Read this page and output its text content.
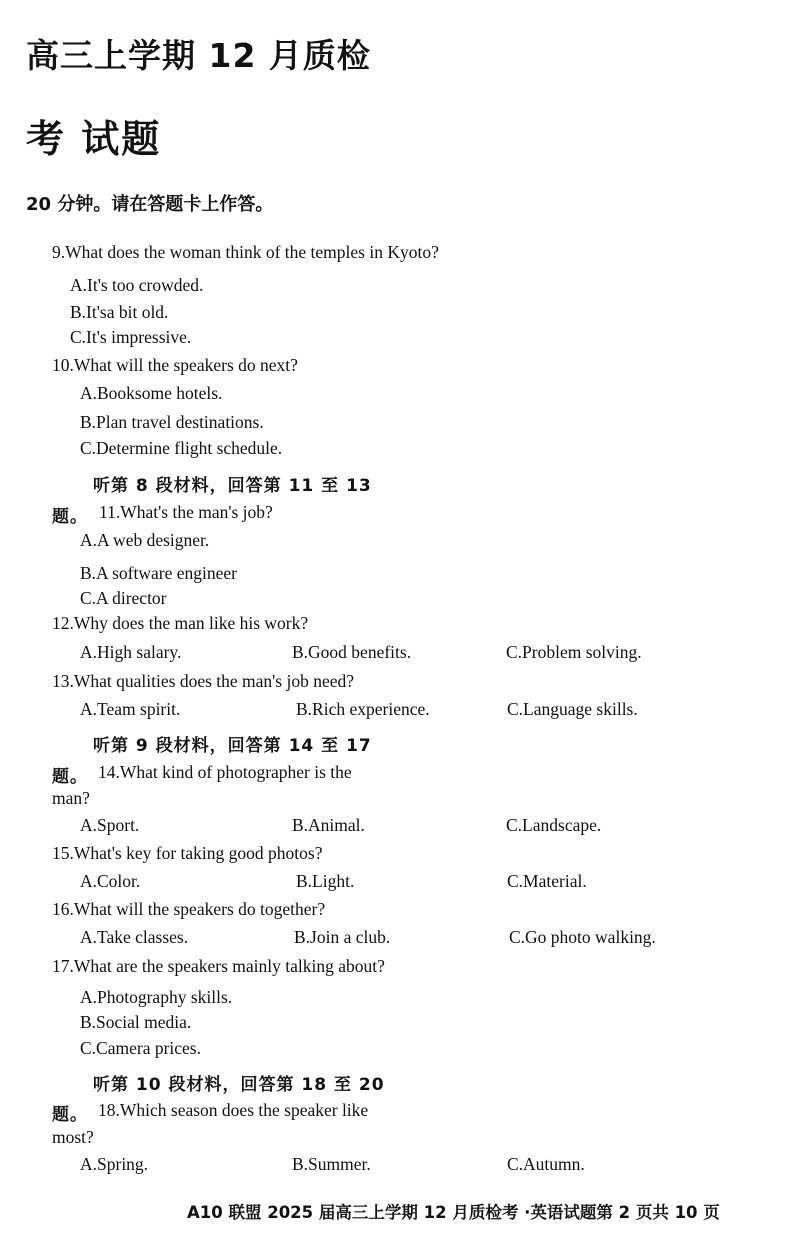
高三上学期 12 月质检
考 试题
20 分钟。请在答题卡上作答。
9.What does the woman think of the temples in Kyoto?
A.It's too crowded.
B.It'sa bit old.
C.It's impressive.
10.What will the speakers do next?
A.Booksome hotels.
B.Plan travel destinations.
C.Determine flight schedule.
听第 8 段材料，回答第 11 至 13
题。 11.What's the man's job?
A.A web designer.
B.A software engineer
C.A director
12.Why does the man like his work?
A.High salary.	B.Good benefits.	C.Problem solving.
13.What qualities does the man's job need?
A.Team spirit.	B.Rich experience.	C.Language skills.
听第 9 段材料，回答第 14 至 17
题。 14.What kind of photographer is the
man?
A.Sport.	B.Animal.	C.Landscape.
15.What's key for taking good photos?
A.Color.	B.Light.	C.Material.
16.What will the speakers do together?
A.Take classes.	B.Join a club.	C.Go photo walking.
17.What are the speakers mainly talking about?
A.Photography skills.
B.Social media.
C.Camera prices.
听第 10 段材料，回答第 18 至 20
题。 18.Which season does the speaker like
most?
A.Spring.	B.Summer.	C.Autumn.
A10 联盟 2025 届高三上学期 12 月质检考 ·英语试题第 2 页共 10 页
